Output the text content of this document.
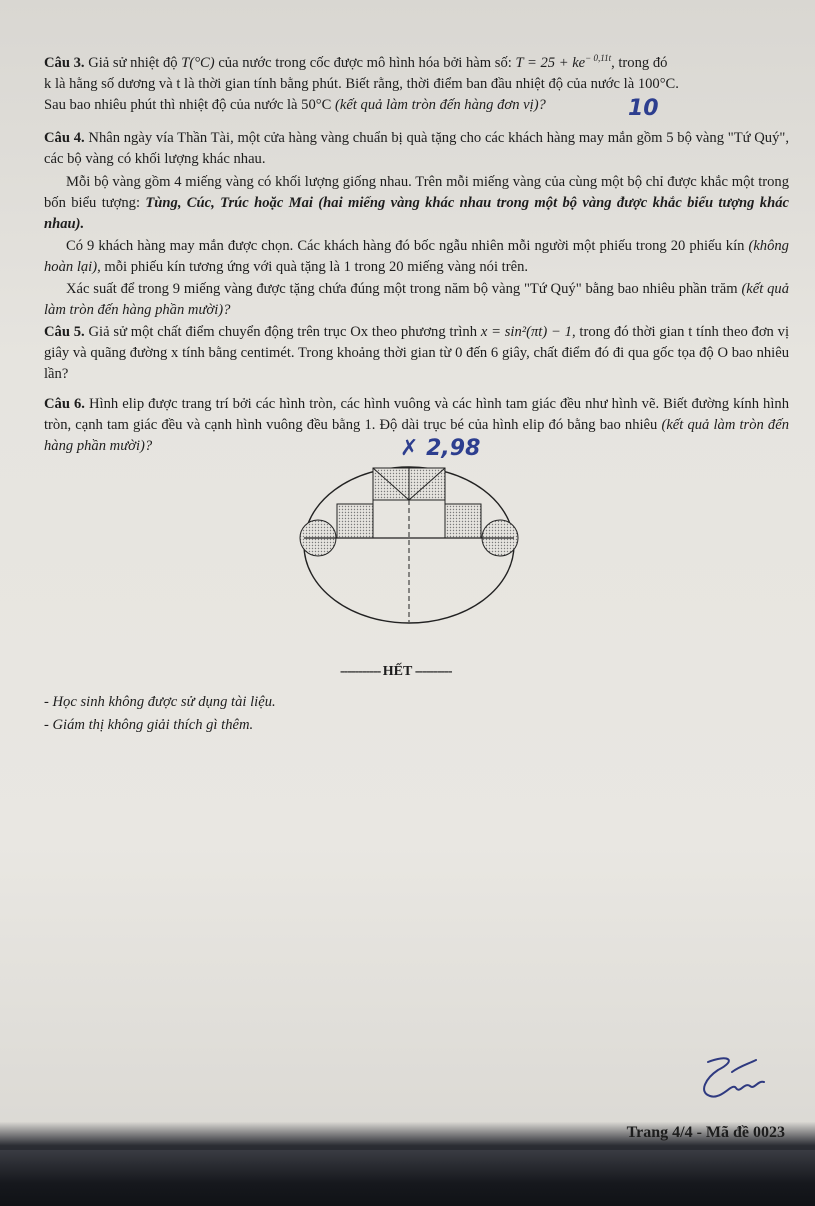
Câu 3. Giả sử nhiệt độ T(°C) của nước trong cốc được mô hình hóa bởi hàm số: $T = 25 + ke^{- 0,11t}$, trong đó
k là hằng số dương và t là thời gian tính bằng phút. Biết rằng, thời điểm ban đầu nhiệt độ của nước là 100°C.
Sau bao nhiêu phút thì nhiệt độ của nước là 50°C (kết quả làm tròn đến hàng đơn vị)?	10

Câu 4. Nhân ngày vía Thần Tài, một cửa hàng vàng chuẩn bị quà tặng cho các khách hàng may mắn gồm 5 bộ vàng "Tứ Quý", các bộ vàng có khối lượng khác nhau.

Mỗi bộ vàng gồm 4 miếng vàng có khối lượng giống nhau. Trên mỗi miếng vàng của cùng một bộ chỉ được khắc một trong bốn biểu tượng: Tùng, Cúc, Trúc hoặc Mai (hai miếng vàng khác nhau trong một bộ vàng được khắc biểu tượng khác nhau).

Có 9 khách hàng may mắn được chọn. Các khách hàng đó bốc ngẫu nhiên mỗi người một phiếu trong 20 phiếu kín (không hoàn lại), mỗi phiếu kín tương ứng với quà tặng là 1 trong 20 miếng vàng nói trên.

Xác suất để trong 9 miếng vàng được tặng chứa đúng một trong năm bộ vàng "Tứ Quý" bằng bao nhiêu phần trăm (kết quả làm tròn đến hàng phần mười)?

Câu 5. Giả sử một chất điểm chuyển động trên trục Ox theo phương trình x = sin²(πt) − 1, trong đó thời gian t tính theo đơn vị giây và quãng đường x tính bằng centimét. Trong khoảng thời gian từ 0 đến 6 giây, chất điểm đó đi qua gốc tọa độ O bao nhiêu lần?

Câu 6. Hình elip được trang trí bởi các hình tròn, các hình vuông và các hình tam giác đều như hình vẽ. Biết đường kính hình tròn, cạnh tam giác đều và cạnh hình vuông đều bằng 1. Độ dài trục bé của hình elip đó bằng bao nhiêu (kết quả làm tròn đến hàng phần mười)?	✗ 2,98
----------- HẾT ----------
- Học sinh không được sử dụng tài liệu.
- Giám thị không giải thích gì thêm.
Trang 4/4 - Mã đề 0023
